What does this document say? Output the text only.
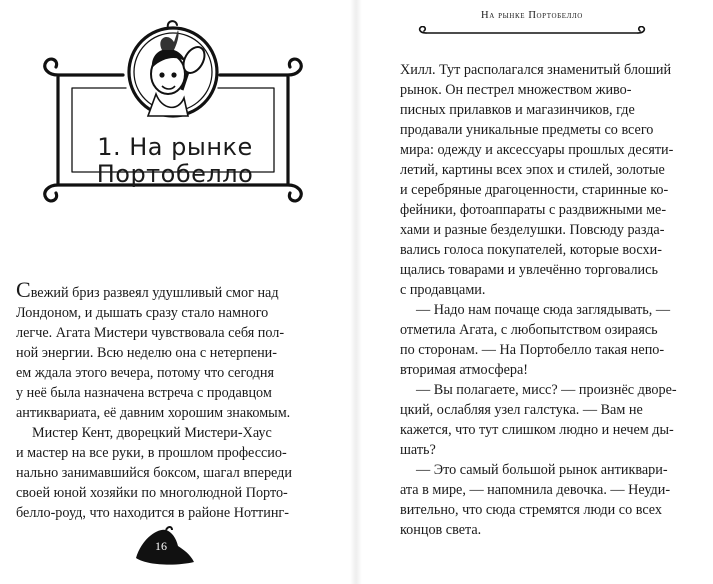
1. На рынке
Портобелло

Свежий бриз развеял удушливый смог над
Лондоном, и дышать сразу стало намного
легче. Агата Мистери чувствовала себя пол-
ной энергии. Всю неделю она с нетерпени-
ем ждала этого вечера, потому что сегодня
у неё была назначена встреча с продавцом
антиквариата, её давним хорошим знакомым.

Мистер Кент, дворецкий Мистери-Хаус
и мастер на все руки, в прошлом профессио-
нально занимавшийся боксом, шагал впереди
своей юной хозяйки по многолюдной Порто-
белло-роуд, что находится в районе Ноттинг-

16
На рынке Портобелло

Хилл. Тут располагался знаменитый блоший
рынок. Он пестрел множеством живо-
писных прилавков и магазинчиков, где
продавали уникальные предметы со всего
мира: одежду и аксессуары прошлых десяти-
летий, картины всех эпох и стилей, золотые
и серебряные драгоценности, старинные ко-
фейники, фотоаппараты с раздвижными ме-
хами и разные безделушки. Повсюду разда-
вались голоса покупателей, которые восхи-
щались товарами и увлечённо торговались
с продавцами.

— Надо нам почаще сюда заглядывать, —
отметила Агата, с любопытством озираясь
по сторонам. — На Портобелло такая непо-
вторимая атмосфера!

— Вы полагаете, мисс? — произнёс дворе-
цкий, ослабляя узел галстука. — Вам не
кажется, что тут слишком людно и нечем ды-
шать?

— Это самый большой рынок антиквари-
ата в мире, — напомнила девочка. — Неуди-
вительно, что сюда стремятся люди со всех
концов света.

17
